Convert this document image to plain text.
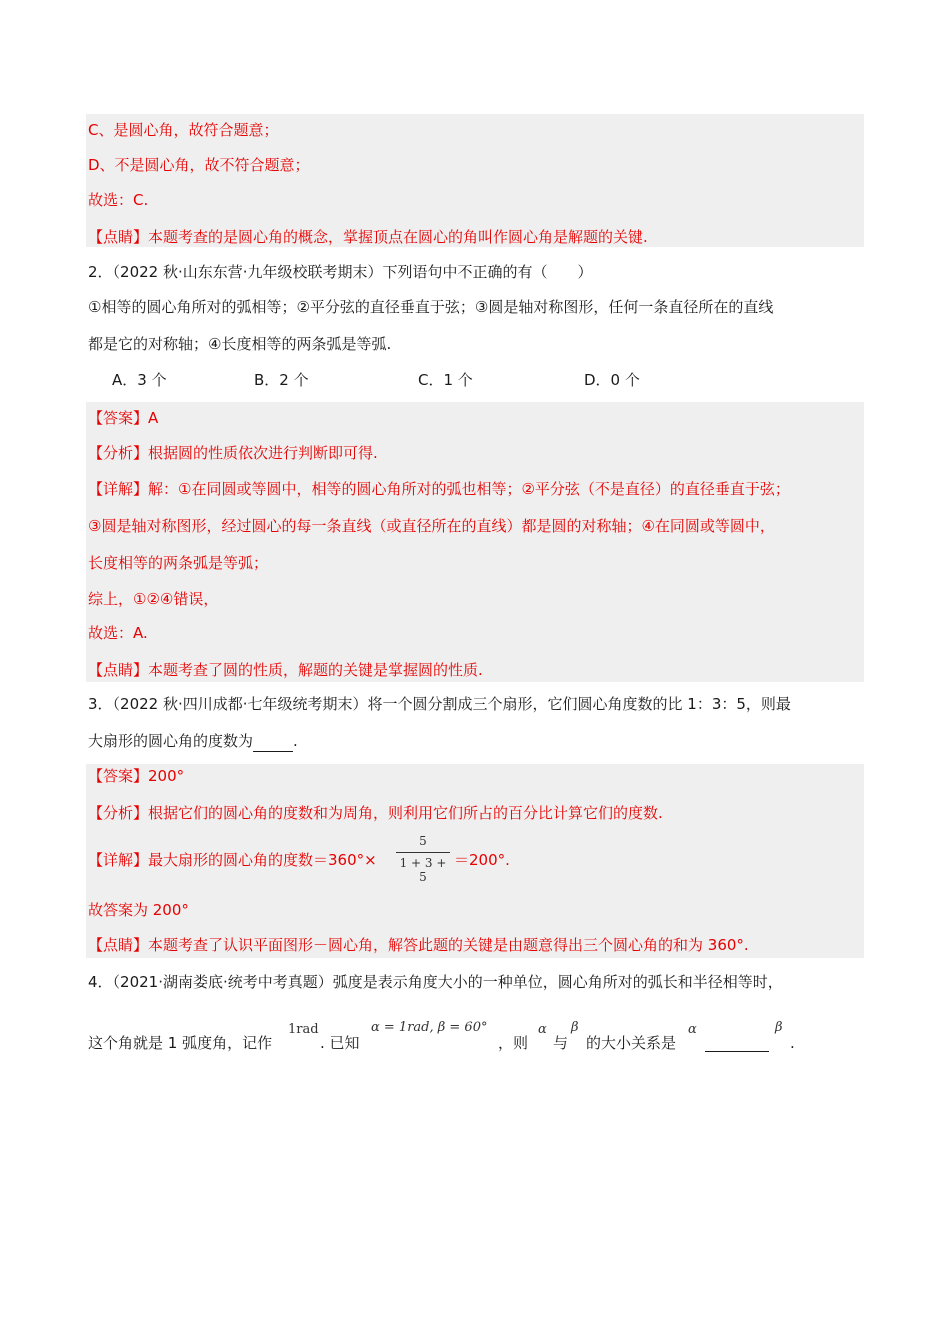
C、是圆心角，故符合题意；
D、不是圆心角，故不符合题意；
故选：C.
【点睛】本题考查的是圆心角的概念，掌握顶点在圆心的角叫作圆心角是解题的关键.
2．（2022 秋·山东东营·九年级校联考期末）下列语句中不正确的有（　　）
①相等的圆心角所对的弧相等；②平分弦的直径垂直于弦；③圆是轴对称图形，任何一条直径所在的直线
都是它的对称轴；④长度相等的两条弧是等弧.
A．3 个	B．2 个	C．1 个	D．0 个
【答案】A
【分析】根据圆的性质依次进行判断即可得.
【详解】解：①在同圆或等圆中，相等的圆心角所对的弧也相等；②平分弦（不是直径）的直径垂直于弦；
③圆是轴对称图形，经过圆心的每一条直线（或直径所在的直线）都是圆的对称轴；④在同圆或等圆中，
长度相等的两条弧是等弧；
综上，①②④错误，
故选：A.
【点睛】本题考查了圆的性质，解题的关键是掌握圆的性质.
3．（2022 秋·四川成都·七年级统考期末）将一个圆分割成三个扇形，它们圆心角度数的比 1：3：5，则最
大扇形的圆心角的度数为	.
【答案】200°
【分析】根据它们的圆心角的度数和为周角，则利用它们所占的百分比计算它们的度数.
【详解】最大扇形的圆心角的度数＝360°×
5
1 + 3 + 5
＝200°.
故答案为 200°
【点睛】本题考查了认识平面图形－圆心角，解答此题的关键是由题意得出三个圆心角的和为 360°.
4．（2021·湖南娄底·统考中考真题）弧度是表示角度大小的一种单位，圆心角所对的弧长和半径相等时，
这个角就是 1 弧度角，记作
1rad
. 已知
α = 1rad, β = 60°
，则
α
与
β
的大小关系是
α	β
.
